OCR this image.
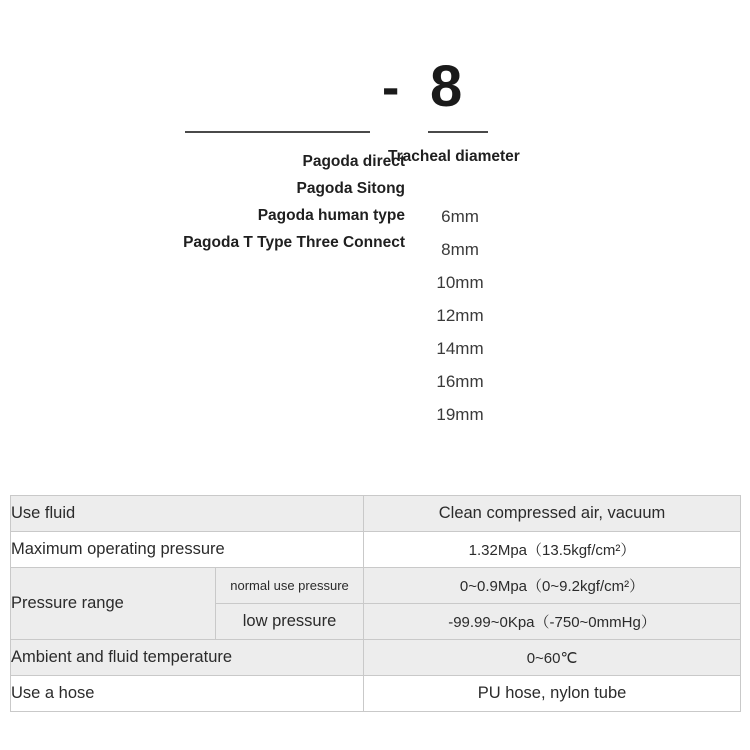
- 8
Pagoda direct
Pagoda Sitong
Pagoda human type
Pagoda T Type Three Connect
Tracheal diameter
6mm
8mm
10mm
12mm
14mm
16mm
19mm
Use fluid		Clean compressed air, vacuum
Maximum operating pressure		1.32Mpa（13.5kgf/cm²）
Pressure range	normal use pressure	0~0.9Mpa（0~9.2kgf/cm²）
	low pressure	-99.99~0Kpa（-750~0mmHg）
Ambient and fluid temperature		0~60℃
Use a hose		PU hose, nylon tube
